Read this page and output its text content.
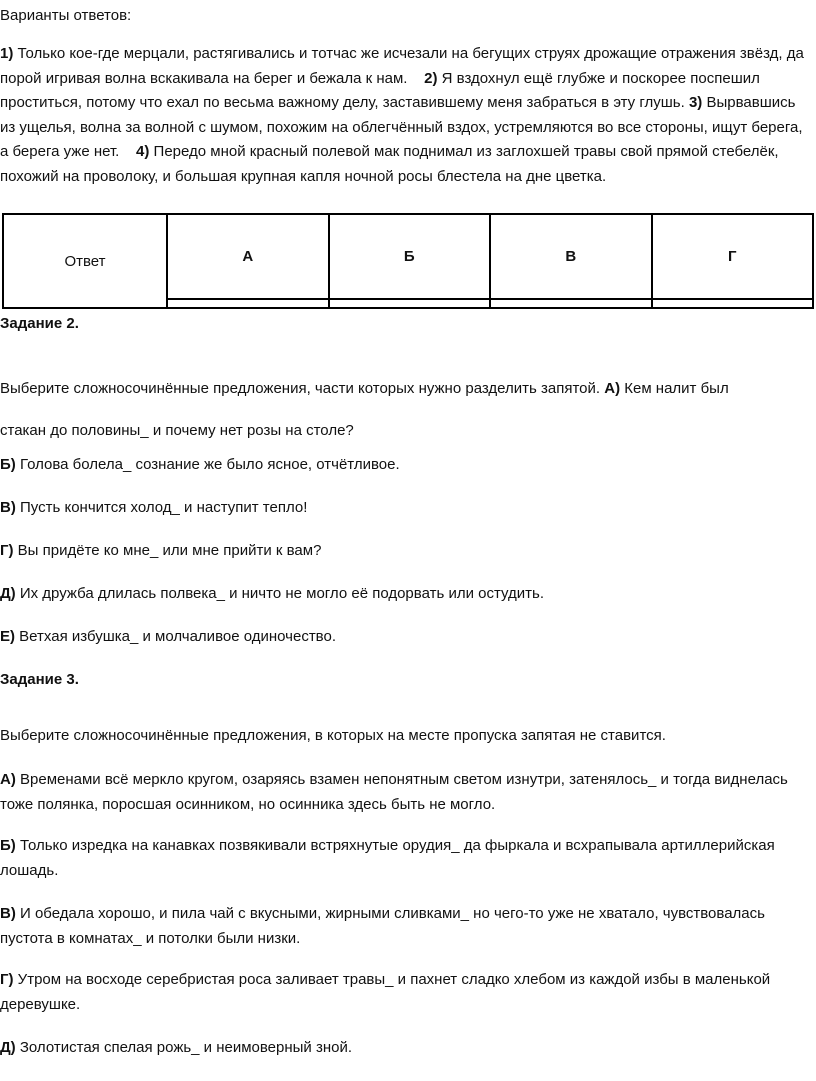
Варианты ответов:
1) Только кое-где мерцали, растягивались и тотчас же исчезали на бегущих струях дрожащие отражения звёзд, да порой игривая волна вскакивала на берег и бежала к нам. 2) Я вздохнул ещё глубже и поскорее поспешил проститься, потому что ехал по весьма важному делу, заставившему меня забраться в эту глушь. 3) Вырвавшись из ущелья, волна за волной с шумом, похожим на облегчённый вздох, устремляются во все стороны, ищут берега, а берега уже нет. 4) Передо мной красный полевой мак поднимал из заглохшей травы свой прямой стебелёк, похожий на проволоку, и большая крупная капля ночной росы блестела на дне цветка.
Ответ	А	Б	В	Г

Задание 2.
Выберите сложносочинённые предложения, части которых нужно разделить запятой. А) Кем налит был стакан до половины_ и почему нет розы на столе?
Б) Голова болела_ сознание же было ясное, отчётливое.
В) Пусть кончится холод_ и наступит тепло!
Г) Вы придёте ко мне_ или мне прийти к вам?
Д) Их дружба длилась полвека_ и ничто не могло её подорвать или остудить.
Е) Ветхая избушка_ и молчаливое одиночество.
Задание 3.
Выберите сложносочинённые предложения, в которых на месте пропуска запятая не ставится.
А) Временами всё меркло кругом, озаряясь взамен непонятным светом изнутри, затенялось_ и тогда виднелась тоже полянка, поросшая осинником, но осинника здесь быть не могло.
Б) Только изредка на канавках позвякивали встряхнутые орудия_ да фыркала и всхрапывала артиллерийская лошадь.
В) И обедала хорошо, и пила чай с вкусными, жирными сливками_ но чего-то уже не хватало, чувствовалась пустота в комнатах_ и потолки были низки.
Г) Утром на восходе серебристая роса заливает травы_ и пахнет сладко хлебом из каждой избы в маленькой деревушке.
Д) Золотистая спелая рожь_ и неимоверный зной.
